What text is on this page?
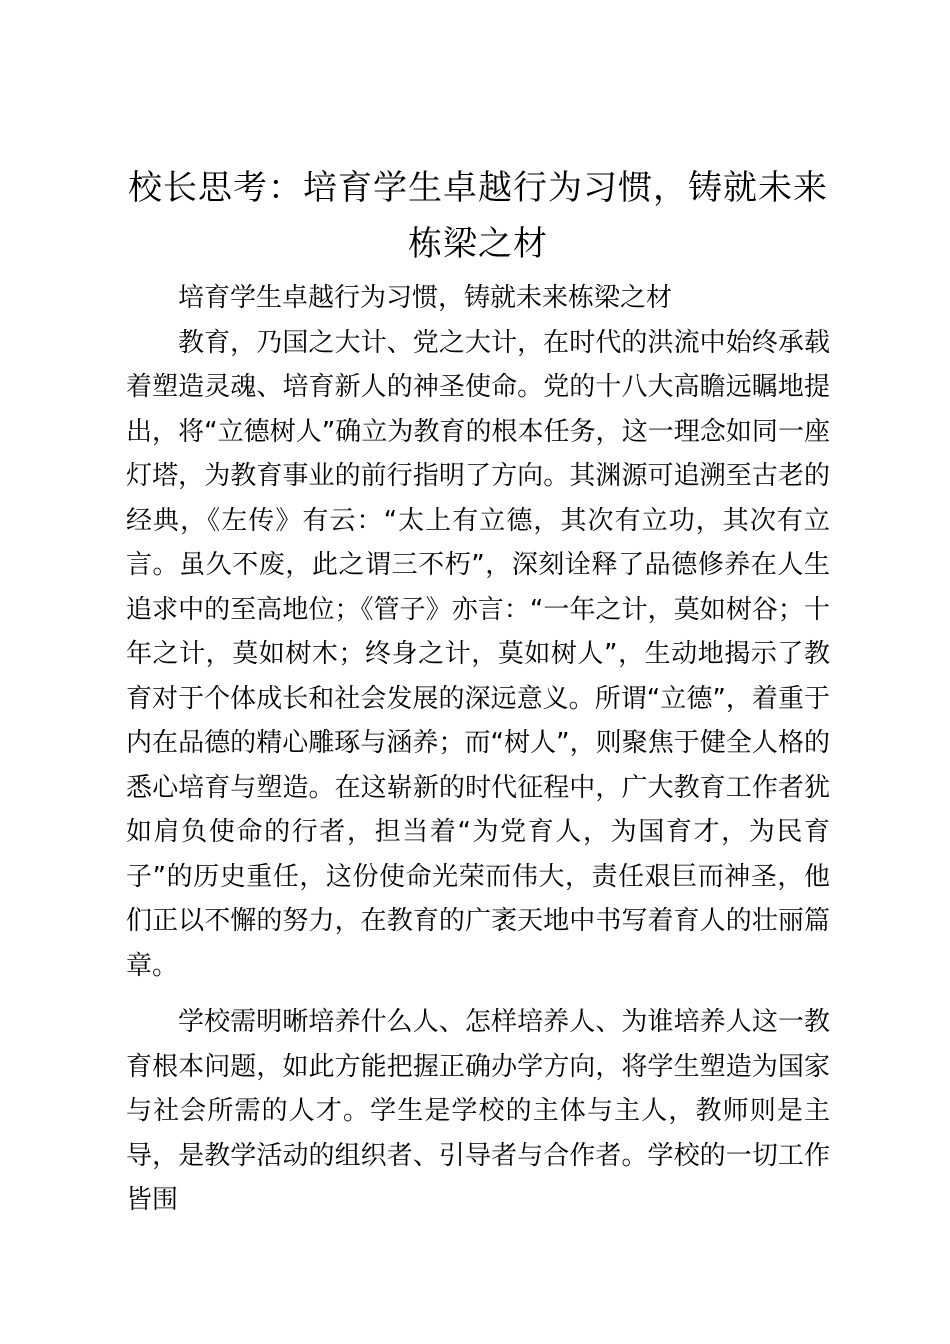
校长思考：培育学生卓越行为习惯，铸就未来栋梁之材

培育学生卓越行为习惯，铸就未来栋梁之材

教育，乃国之大计、党之大计，在时代的洪流中始终承载着塑造灵魂、培育新人的神圣使命。党的十八大高瞻远瞩地提出，将“立德树人”确立为教育的根本任务，这一理念如同一座灯塔，为教育事业的前行指明了方向。其渊源可追溯至古老的经典，《左传》有云：“太上有立德，其次有立功，其次有立言。虽久不废，此之谓三不朽”，深刻诠释了品德修养在人生追求中的至高地位；《管子》亦言：“一年之计，莫如树谷；十年之计，莫如树木；终身之计，莫如树人”，生动地揭示了教育对于个体成长和社会发展的深远意义。所谓“立德”，着重于内在品德的精心雕琢与涵养；而“树人”，则聚焦于健全人格的悉心培育与塑造。在这崭新的时代征程中，广大教育工作者犹如肩负使命的行者，担当着“为党育人，为国育才，为民育子”的历史重任，这份使命光荣而伟大，责任艰巨而神圣，他们正以不懈的努力，在教育的广袤天地中书写着育人的壮丽篇章。

学校需明晰培养什么人、怎样培养人、为谁培养人这一教育根本问题，如此方能把握正确办学方向，将学生塑造为国家与社会所需的人才。学生是学校的主体与主人，教师则是主导，是教学活动的组织者、引导者与合作者。学校的一切工作皆围
